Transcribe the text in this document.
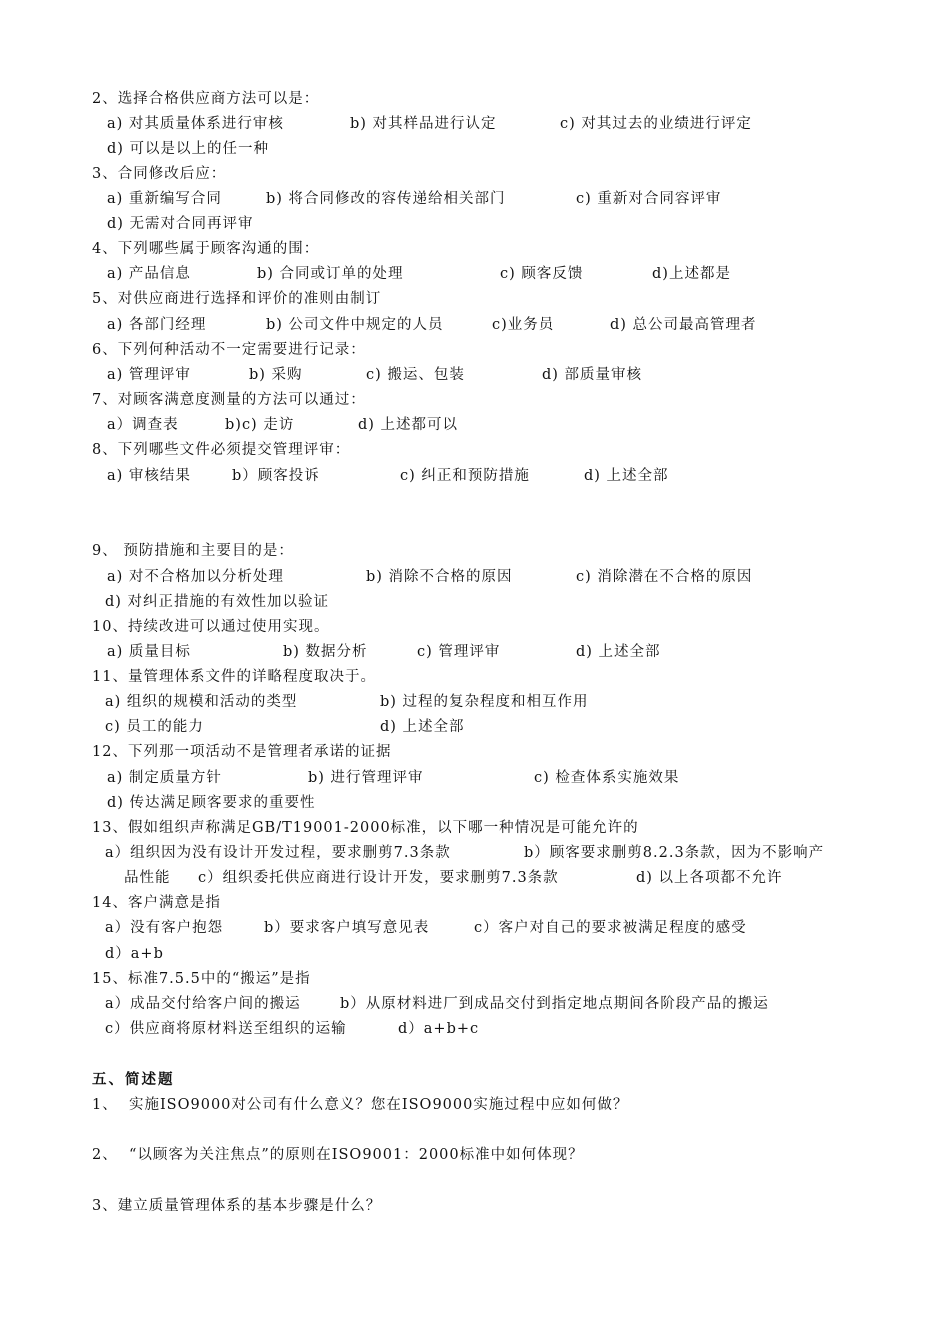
2、选择合格供应商方法可以是：

a) 对其质量体系进行审核

	b) 对其样品进行认定

	c) 对其过去的业绩进行评定

d) 可以是以上的任一种

3、合同修改后应：

a) 重新编写合同

	b) 将合同修改的容传递给相关部门

	c) 重新对合同容评审

d) 无需对合同再评审

4、下列哪些属于顾客沟通的围：

a) 产品信息

	b) 合同或订单的处理

	c) 顾客反馈

	d)上述都是

5、对供应商进行选择和评价的准则由制订

a) 各部门经理

	b) 公司文件中规定的人员

	c)业务员

	d) 总公司最高管理者

6、下列何种活动不一定需要进行记录：

a) 管理评审

	b) 采购

	c) 搬运、包装

	d) 部质量审核

7、对顾客满意度测量的方法可以通过：

a）调查表

	b)c) 走访

	d) 上述都可以

8、下列哪些文件必须提交管理评审：

a) 审核结果

	b）顾客投诉

	c) 纠正和预防措施

	d) 上述全部

9、 预防措施和主要目的是：

a) 对不合格加以分析处理

	b) 消除不合格的原因

	c) 消除潜在不合格的原因

d) 对纠正措施的有效性加以验证

10、持续改进可以通过使用实现。

a) 质量目标

	b) 数据分析

	c) 管理评审

	d) 上述全部

11、量管理体系文件的详略程度取决于。

a) 组织的规模和活动的类型

	b) 过程的复杂程度和相互作用

c) 员工的能力

	d) 上述全部

12、下列那一项活动不是管理者承诺的证据

a) 制定质量方针

	b) 进行管理评审

	c) 检查体系实施效果

d) 传达满足顾客要求的重要性

13、假如组织声称满足GB/T19001-2000标准，以下哪一种情况是可能允许的

a）组织因为没有设计开发过程，要求删剪7.3条款

	b）顾客要求删剪8.2.3条款，因为不影响产

品性能

c）组织委托供应商进行设计开发，要求删剪7.3条款

	d) 以上各项都不允许

14、客户满意是指

a）没有客户抱怨

	b）要求客户填写意见表

	c）客户对自己的要求被满足程度的感受

d）a+b

15、标准7.5.5中的“搬运”是指

a）成品交付给客户间的搬运

	b）从原材料进厂到成品交付到指定地点期间各阶段产品的搬运

c）供应商将原材料送至组织的运输

	d）a+b+c

五、简述题

1、  实施ISO9000对公司有什么意义？您在ISO9000实施过程中应如何做？

2、  “以顾客为关注焦点”的原则在ISO9001：2000标准中如何体现？

3、建立质量管理体系的基本步骤是什么？
